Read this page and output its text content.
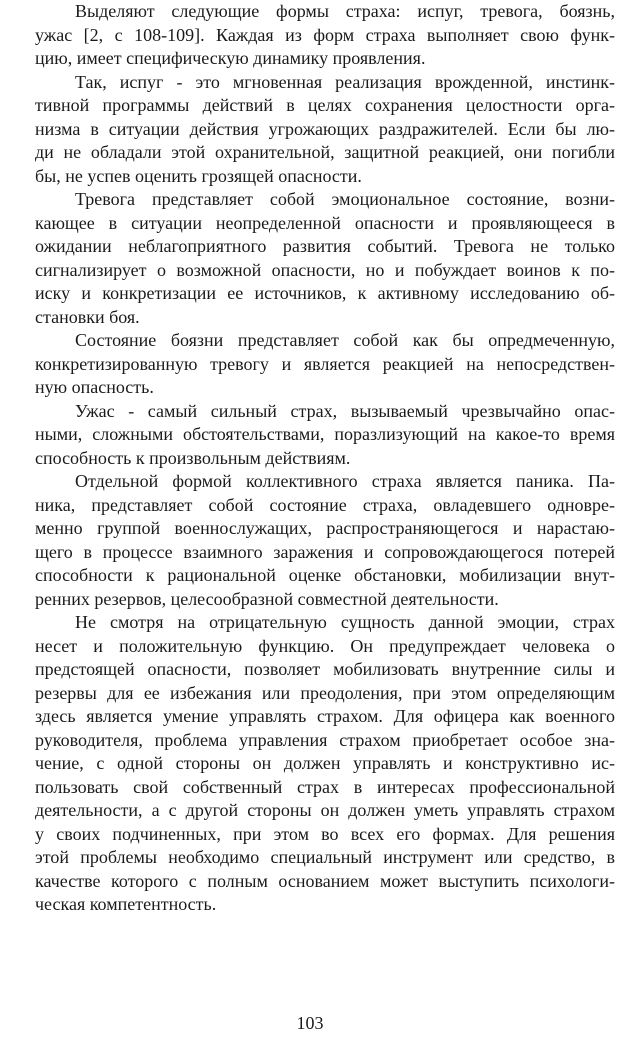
Выделяют следующие формы страха: испуг, тревога, боязнь,
ужас [2, с 108-109]. Каждая из форм страха выполняет свою функ-
цию, имеет специфическую динамику проявления.
Так, испуг - это мгновенная реализация врожденной, инстинк-
тивной программы действий в целях сохранения целостности орга-
низма в ситуации действия угрожающих раздражителей. Если бы лю-
ди не обладали этой охранительной, защитной реакцией, они погибли
бы, не успев оценить грозящей опасности.
Тревога представляет собой эмоциональное состояние, возни-
кающее в ситуации неопределенной опасности и проявляющееся в
ожидании неблагоприятного развития событий. Тревога не только
сигнализирует о возможной опасности, но и побуждает воинов к по-
иску и конкретизации ее источников, к активному исследованию об-
становки боя.
Состояние боязни представляет собой как бы опредмеченную,
конкретизированную тревогу и является реакцией на непосредствен-
ную опасность.
Ужас - самый сильный страх, вызываемый чрезвычайно опас-
ными, сложными обстоятельствами, поразлизующий на какое-то время
способность к произвольным действиям.
Отдельной формой коллективного страха является паника. Па-
ника, представляет собой состояние страха, овладевшего одновре-
менно группой военнослужащих, распространяющегося и нарастаю-
щего в процессе взаимного заражения и сопровождающегося потерей
способности к рациональной оценке обстановки, мобилизации внут-
ренних резервов, целесообразной совместной деятельности.
Не смотря на отрицательную сущность данной эмоции, страх
несет и положительную функцию. Он предупреждает человека о
предстоящей опасности, позволяет мобилизовать внутренние силы и
резервы для ее избежания или преодоления, при этом определяющим
здесь является умение управлять страхом. Для офицера как военного
руководителя, проблема управления страхом приобретает особое зна-
чение, с одной стороны он должен управлять и конструктивно ис-
пользовать свой собственный страх в интересах профессиональной
деятельности, а с другой стороны он должен уметь управлять страхом
у своих подчиненных, при этом во всех его формах. Для решения
этой проблемы необходимо специальный инструмент или средство, в
качестве которого с полным основанием может выступить психологи-
ческая компетентность.
103
